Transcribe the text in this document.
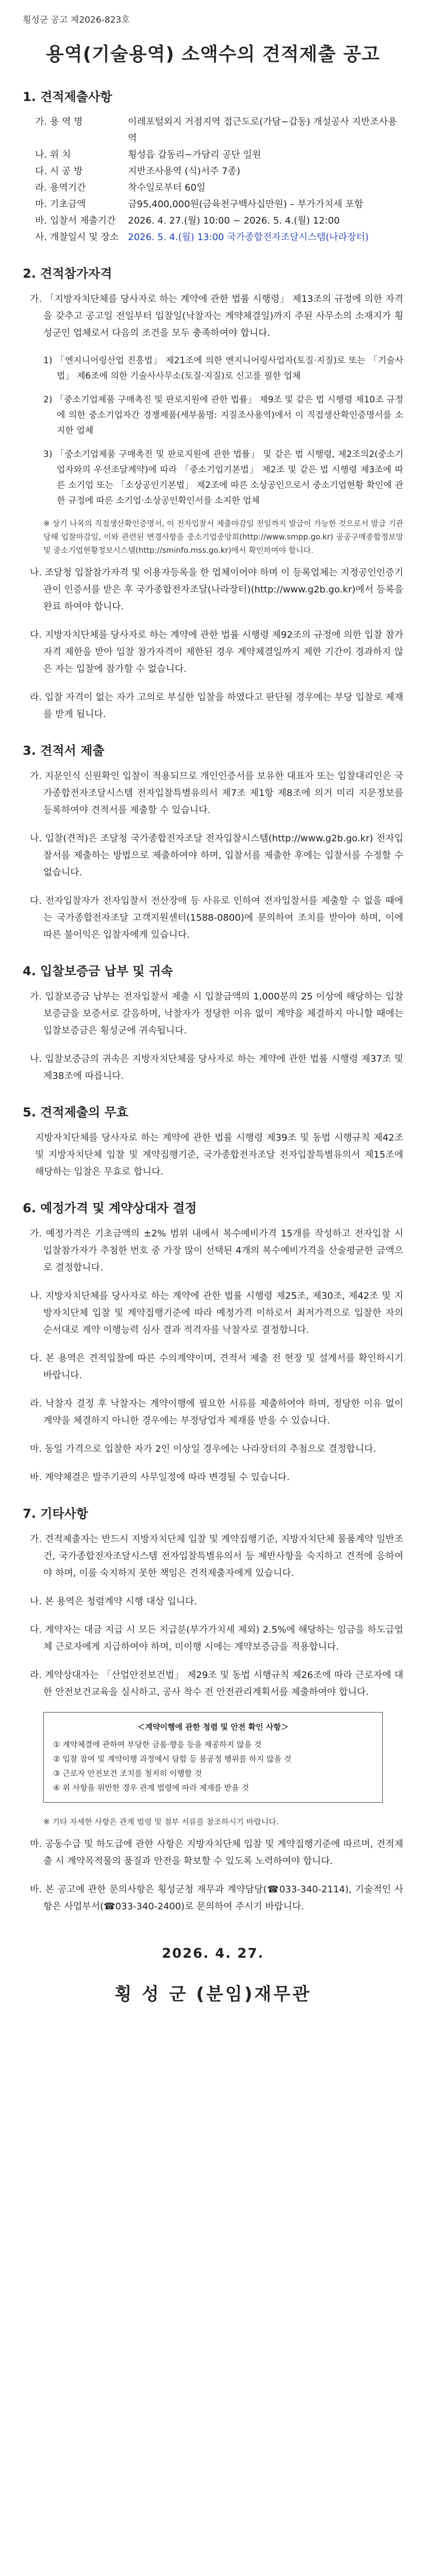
횡성군 공고 제2026-823호
용역(기술용역) 소액수의 견적제출 공고
1. 견적제출사항
가. 용 역 명	이레포털외지 거점지역 접근도로(가담~갑동) 개설공사 지반조사용역
나. 위 치	횡성읍 갑동리~가담리 공단 일원
다. 시 공 방	지반조사용역 (식)서주 7종)
라. 용역기간	착수일로부터 60일
마. 기초금액	금95,400,000원(금육천구백사십만원) – 부가가치세 포함
바. 입찰서 제출기간	2026. 4. 27.(월) 10:00 ~ 2026. 5. 4.(월) 12:00
사. 개찰일시 및 장소	2026. 5. 4.(월) 13:00 국가종합전자조달시스템(나라장터)
2. 견적참가자격
가. 「지방자치단체를 당사자로 하는 계약에 관한 법률 시행령」 제13조의 규정에 의한 자격을 갖추고 공고일 전일부터 입찰일(낙찰자는 계약체결일)까지 주된 사무소의 소재지가 횡성군인 업체로서 다음의 조건을 모두 충족하여야 합니다.
1) 「엔지니어링산업 진흥법」 제21조에 의한 엔지니어링사업자(토질·지질)로 또는 「기술사법」 제6조에 의한 기술사사무소(토질·지질)로 신고를 필한 업체
2) 「중소기업제품 구매촉진 및 판로지원에 관한 법률」 제9조 및 같은 법 시행령 제10조 규정에 의한 중소기업자간 경쟁제품(세부품명: 지질조사용역)에서 이 직접생산확인증명서를 소지한 업체
3) 「중소기업제품 구매촉진 및 판로지원에 관한 법률」 및 같은 법 시행령, 제2조의2(중소기업자와의 우선조달계약)에 따라 「중소기업기본법」 제2조 및 같은 법 시행령 제3조에 따른 소기업 또는 「소상공인기본법」 제2조에 따른 소상공인으로서 중소기업현황 확인에 관한 규정에 따른 소기업·소상공인확인서를 소지한 업체
※ 상기 나목의 직접생산확인증명서, 이 전자입찰서 제출마감일 전일까지 발급이 가능한 것으로서 발급 기관 당해 입찰마감일, 이와 관련된 변경사항을 중소기업중앙회(http://www.smpp.go.kr) 공공구매종합정보망 및 중소기업현황정보시스템(http://sminfo.mss.go.kr)에서 확인하여야 합니다.
나. 조달청 입찰참가자격 및 이용자등록을 한 업체이어야 하며 이 등록업체는 지정공인인증기관이 인증서를 받은 후 국가종합전자조달(나라장터)(http://www.g2b.go.kr)에서 등록을 완료 하여야 합니다.
다. 지방자치단체를 당사자로 하는 계약에 관한 법률 시행령 제92조의 규정에 의한 입찰 참가 자격 제한을 받아 입찰 참가자격이 제한된 경우 계약체결일까지 제한 기간이 경과하지 않은 자는 입찰에 참가할 수 없습니다.
라. 입찰 자격이 없는 자가 고의로 부실한 입찰을 하였다고 판단될 경우에는 부당 입찰로 제재를 받게 됩니다.
3. 견적서 제출
가. 지문인식 신원확인 입찰이 적용되므로 개인인증서를 보유한 대표자 또는 입찰대리인은 국가종합전자조달시스템 전자입찰특별유의서 제7조 제1항 제8조에 의거 미리 지문정보를 등록하여야 견적서를 제출할 수 있습니다.
나. 입찰(견적)은 조달청 국가종합전자조달 전자입찰시스템(http://www.g2b.go.kr) 전자입찰서를 제출하는 방법으로 제출하여야 하며, 입찰서를 제출한 후에는 입찰서를 수정할 수 없습니다.
다. 전자입찰자가 전자입찰서 전산장애 등 사유로 인하여 전자입찰서를 제출할 수 없을 때에는 국가종합전자조달 고객지원센터(1588-0800)에 문의하여 조치를 받아야 하며, 이에 따른 불이익은 입찰자에게 있습니다.
4. 입찰보증금 납부 및 귀속
가. 입찰보증금 납부는 전자입찰서 제출 시 입찰금액의 1,000분의 25 이상에 해당하는 입찰보증금을 보증서로 갈음하며, 낙찰자가 정당한 이유 없이 계약을 체결하지 아니할 때에는 입찰보증금은 횡성군에 귀속됩니다.
나. 입찰보증금의 귀속은 지방자치단체를 당사자로 하는 계약에 관한 법률 시행령 제37조 및 제38조에 따릅니다.
5. 견적제출의 무효
지방자치단체를 당사자로 하는 계약에 관한 법률 시행령 제39조 및 동법 시행규칙 제42조 및 지방자치단체 입찰 및 계약집행기준, 국가종합전자조달 전자입찰특별유의서 제15조에 해당하는 입찰은 무효로 합니다.
6. 예정가격 및 계약상대자 결정
가. 예정가격은 기초금액의 ±2% 범위 내에서 복수예비가격 15개를 작성하고 전자입찰 시 입찰참가자가 추첨한 번호 중 가장 많이 선택된 4개의 복수예비가격을 산술평균한 금액으로 결정합니다.
나. 지방자치단체를 당사자로 하는 계약에 관한 법률 시행령 제25조, 제30조, 제42조 및 지방자치단체 입찰 및 계약집행기준에 따라 예정가격 이하로서 최저가격으로 입찰한 자의 순서대로 계약 이행능력 심사 결과 적격자를 낙찰자로 결정합니다.
다. 본 용역은 견적입찰에 따른 수의계약이며, 견적서 제출 전 현장 및 설계서를 확인하시기 바랍니다.
라. 낙찰자 결정 후 낙찰자는 계약이행에 필요한 서류를 제출하여야 하며, 정당한 이유 없이 계약을 체결하지 아니한 경우에는 부정당업자 제재를 받을 수 있습니다.
마. 동일 가격으로 입찰한 자가 2인 이상일 경우에는 나라장터의 추첨으로 결정합니다.
바. 계약체결은 발주기관의 사무일정에 따라 변경될 수 있습니다.
7. 기타사항
가. 견적제출자는 반드시 지방자치단체 입찰 및 계약집행기준, 지방자치단체 물품계약 일반조건, 국가종합전자조달시스템 전자입찰특별유의서 등 제반사항을 숙지하고 견적에 응하여야 하며, 이를 숙지하지 못한 책임은 견적제출자에게 있습니다.
나. 본 용역은 청렴계약 시행 대상 입니다.
다. 계약자는 대금 지급 시 모든 지급분(부가가치세 제외) 2.5%에 해당하는 임금을 하도급업체 근로자에게 지급하여야 하며, 미이행 시에는 계약보증금을 적용합니다.
라. 계약상대자는 「산업안전보건법」 제29조 및 동법 시행규칙 제26조에 따라 근로자에 대한 안전보건교육을 실시하고, 공사 착수 전 안전관리계획서를 제출하여야 합니다.
＜계약이행에 관한 청렴 및 안전 확인 사항＞
① 계약체결에 관하여 부당한 금품·향응 등을 제공하지 않을 것
② 입찰 참여 및 계약이행 과정에서 담합 등 불공정 행위를 하지 않을 것
③ 근로자 안전보건 조치를 철저히 이행할 것
④ 위 사항을 위반한 경우 관계 법령에 따라 제재를 받을 것
※ 기타 자세한 사항은 관계 법령 및 첨부 서류를 참조하시기 바랍니다.
마. 공동수급 및 하도급에 관한 사항은 지방자치단체 입찰 및 계약집행기준에 따르며, 견적제출 시 계약목적물의 품질과 안전을 확보할 수 있도록 노력하여야 합니다.
바. 본 공고에 관한 문의사항은 횡성군청 재무과 계약담당(☎033-340-2114), 기술적인 사항은 사업부서(☎033-340-2400)로 문의하여 주시기 바랍니다.
2026. 4. 27.
횡 성 군 (분임)재무관
